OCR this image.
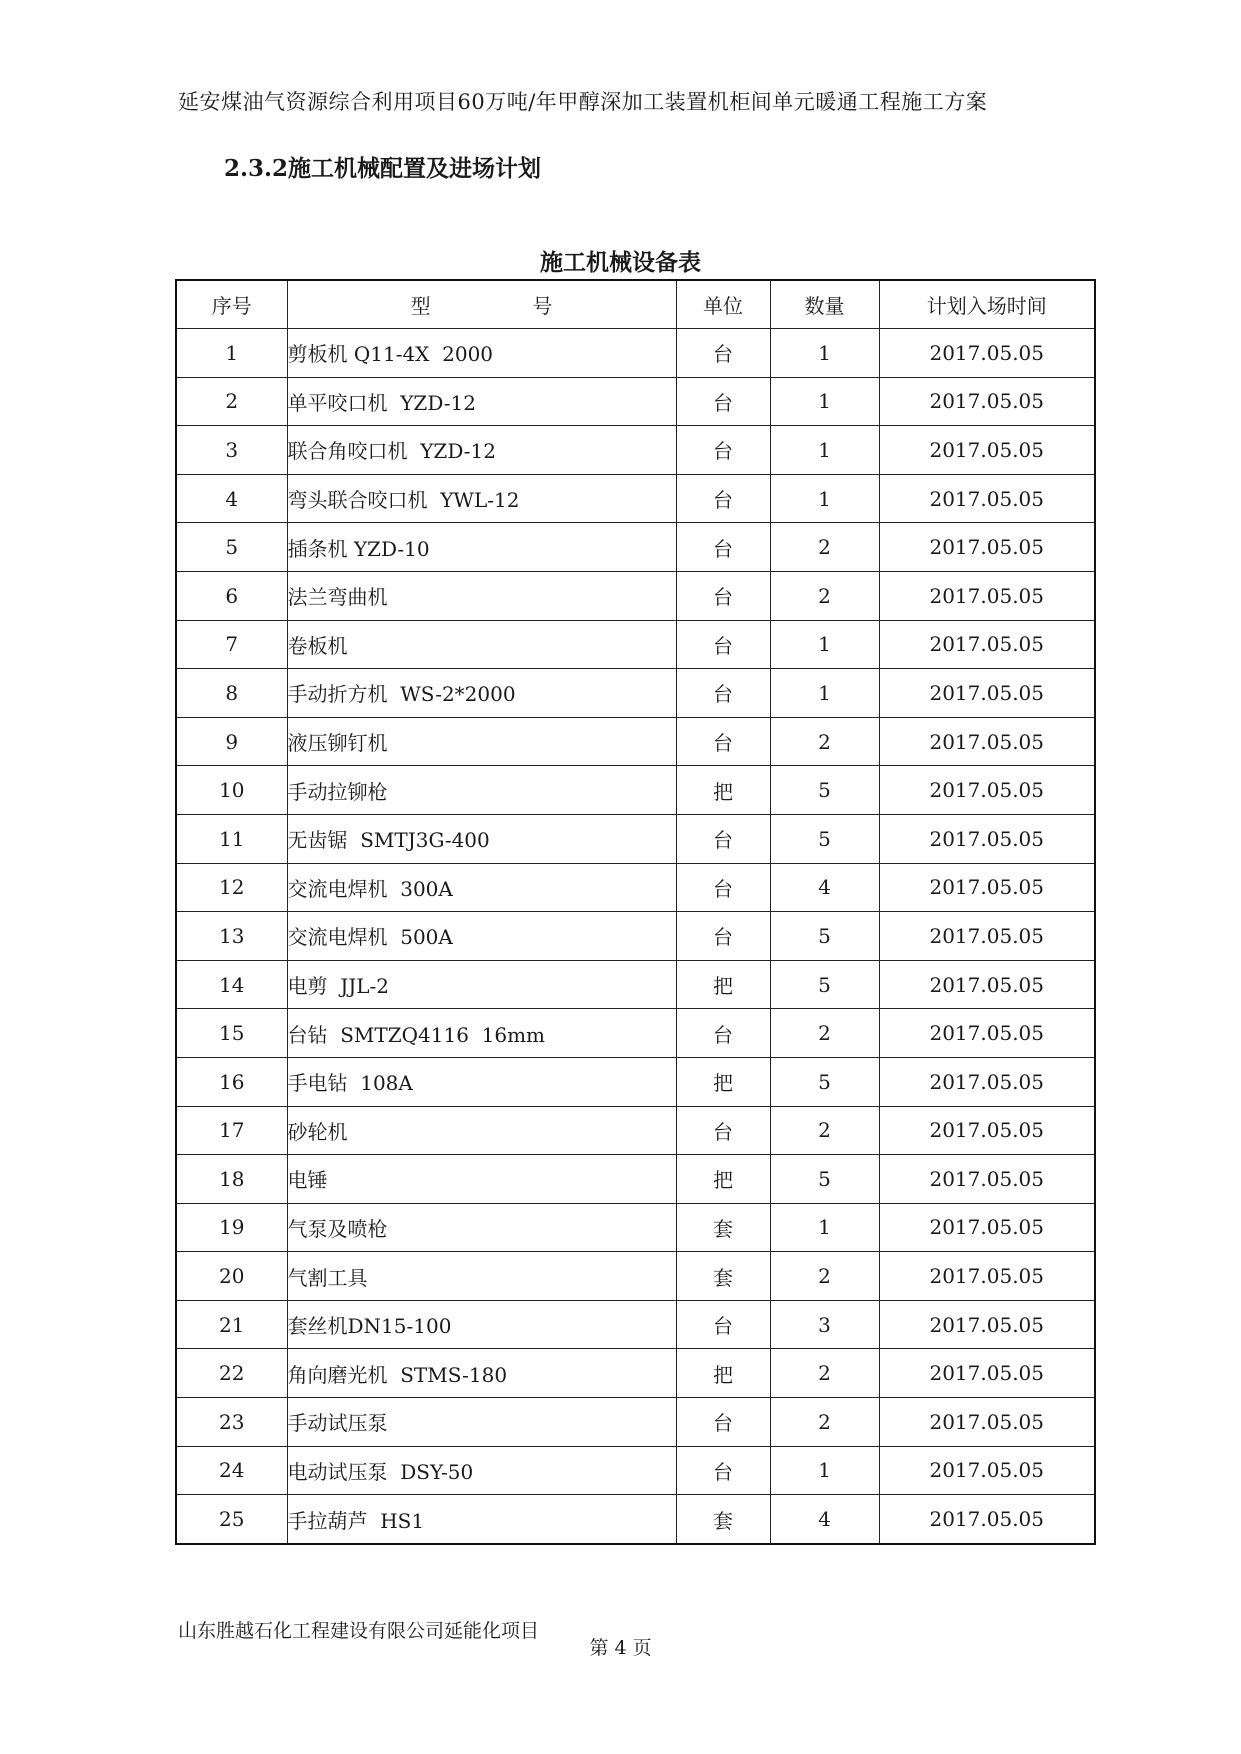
延安煤油气资源综合利用项目60万吨/年甲醇深加工装置机柜间单元暖通工程施工方案
2.3.2施工机械配置及进场计划
施工机械设备表
序号	型                号	单位	数量	计划入场时间
1	剪板机 Q11-4X  2000	台	1	2017.05.05
2	单平咬口机  YZD-12	台	1	2017.05.05
3	联合角咬口机  YZD-12	台	1	2017.05.05
4	弯头联合咬口机  YWL-12	台	1	2017.05.05
5	插条机 YZD-10	台	2	2017.05.05
6	法兰弯曲机	台	2	2017.05.05
7	卷板机	台	1	2017.05.05
8	手动折方机  WS-2*2000	台	1	2017.05.05
9	液压铆钉机	台	2	2017.05.05
10	手动拉铆枪	把	5	2017.05.05
11	无齿锯  SMTJ3G-400	台	5	2017.05.05
12	交流电焊机  300A	台	4	2017.05.05
13	交流电焊机  500A	台	5	2017.05.05
14	电剪  JJL-2	把	5	2017.05.05
15	台钻  SMTZQ4116  16mm	台	2	2017.05.05
16	手电钻  108A	把	5	2017.05.05
17	砂轮机	台	2	2017.05.05
18	电锤	把	5	2017.05.05
19	气泵及喷枪	套	1	2017.05.05
20	气割工具	套	2	2017.05.05
21	套丝机DN15-100	台	3	2017.05.05
22	角向磨光机  STMS-180	把	2	2017.05.05
23	手动试压泵	台	2	2017.05.05
24	电动试压泵  DSY-50	台	1	2017.05.05
25	手拉葫芦  HS1	套	4	2017.05.05
山东胜越石化工程建设有限公司延能化项目
第 4 页
